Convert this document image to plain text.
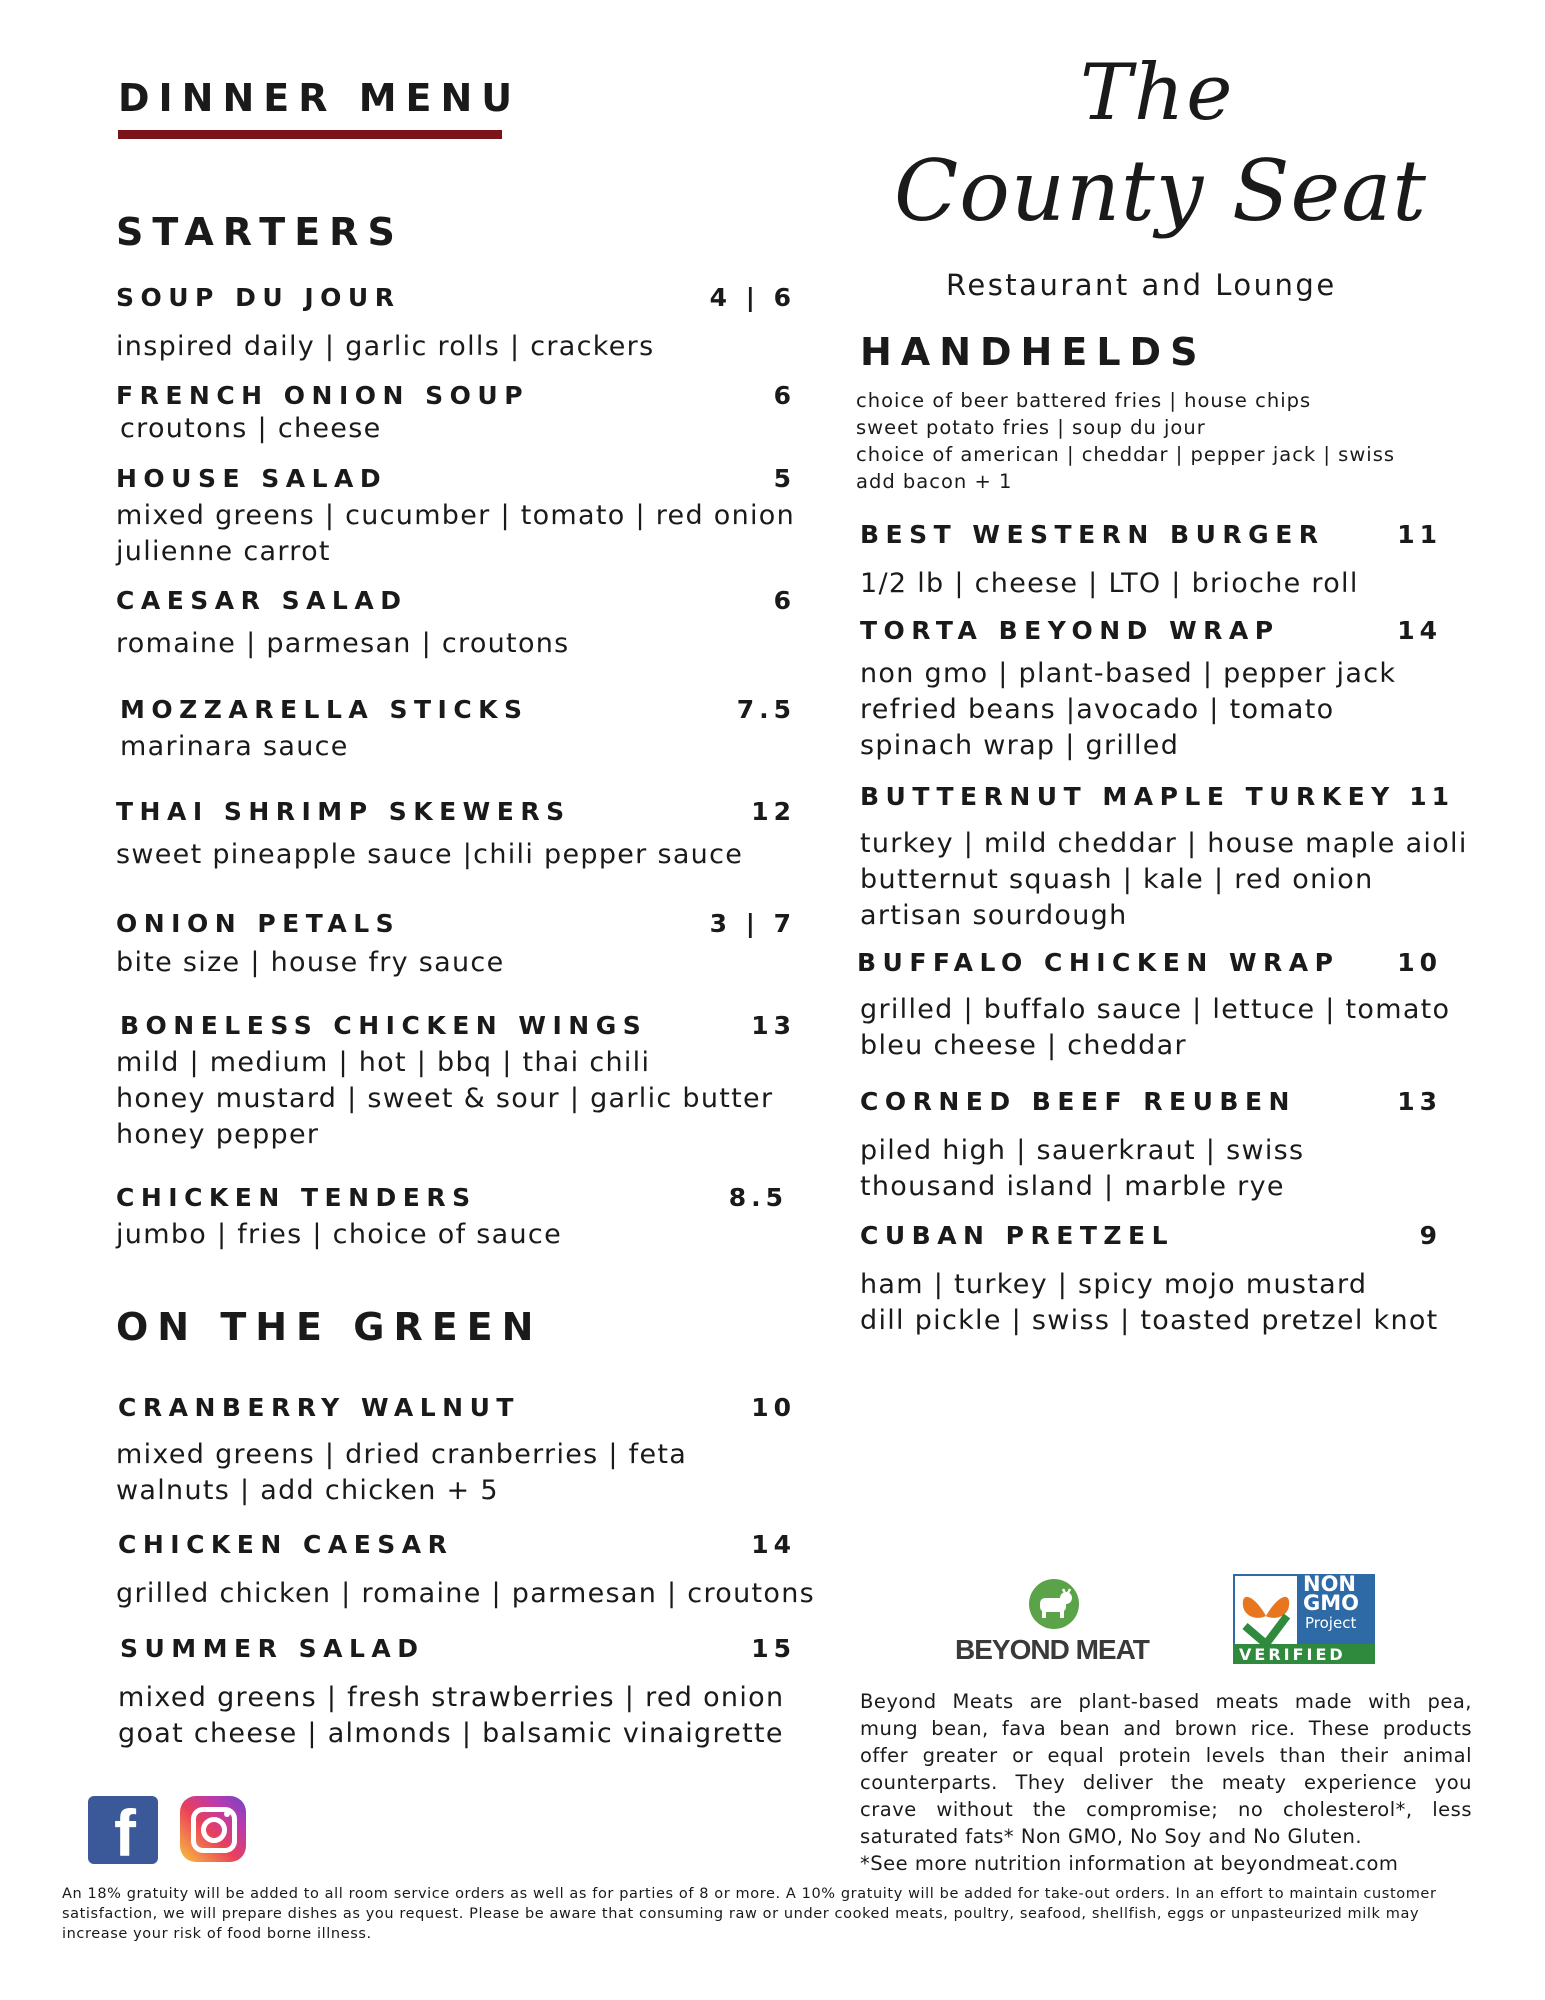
DINNER MENU	The
County Seat
Restaurant and Lounge
STARTERS
SOUP DU JOUR	4 | 6
inspired daily | garlic rolls | crackers
FRENCH ONION SOUP	6
croutons | cheese
HOUSE SALAD	5
mixed greens | cucumber | tomato | red onion
julienne carrot
CAESAR SALAD	6
romaine | parmesan | croutons
MOZZARELLA STICKS	7.5
marinara sauce
THAI SHRIMP SKEWERS	12
sweet pineapple sauce |chili pepper sauce
ONION PETALS	3 | 7
bite size | house fry sauce
BONELESS CHICKEN WINGS	13
mild | medium | hot | bbq | thai chili
honey mustard | sweet & sour | garlic butter
honey pepper
CHICKEN TENDERS	8.5
jumbo | fries | choice of sauce
ON THE GREEN
CRANBERRY WALNUT	10
mixed greens | dried cranberries | feta
walnuts | add chicken + 5
CHICKEN CAESAR	14
grilled chicken | romaine | parmesan | croutons
SUMMER SALAD	15
mixed greens | fresh strawberries | red onion
goat cheese | almonds | balsamic vinaigrette
HANDHELDS
choice of beer battered fries | house chips
sweet potato fries | soup du jour
choice of american | cheddar | pepper jack | swiss
add bacon + 1
BEST WESTERN BURGER	11
1/2 lb | cheese | LTO | brioche roll
TORTA BEYOND WRAP	14
non gmo | plant-based | pepper jack
refried beans |avocado | tomato
spinach wrap | grilled
BUTTERNUT MAPLE TURKEY 11
turkey | mild cheddar | house maple aioli
butternut squash | kale | red onion
artisan sourdough
BUFFALO CHICKEN WRAP 10
grilled | buffalo sauce | lettuce | tomato
bleu cheese | cheddar
CORNED BEEF REUBEN	13
piled high | sauerkraut | swiss
thousand island | marble rye
CUBAN PRETZEL	9
ham | turkey | spicy mojo mustard
dill pickle | swiss | toasted pretzel knot
BEYOND MEAT
NON
GMO
Project
VERIFIED
Beyond Meats are plant-based meats made with pea,
mung bean, fava bean and brown rice. These products
offer greater or equal protein levels than their animal
counterparts. They deliver the meaty experience you
crave without the compromise; no cholesterol*, less
saturated fats* Non GMO, No Soy and No Gluten.
*See more nutrition information at beyondmeat.com
f
An 18% gratuity will be added to all room service orders as well as for parties of 8 or more. A 10% gratuity will be added for take-out orders. In an effort to maintain customer satisfaction, we will prepare dishes as you request. Please be aware that consuming raw or under cooked meats, poultry, seafood, shellfish, eggs or unpasteurized milk may increase your risk of food borne illness.
